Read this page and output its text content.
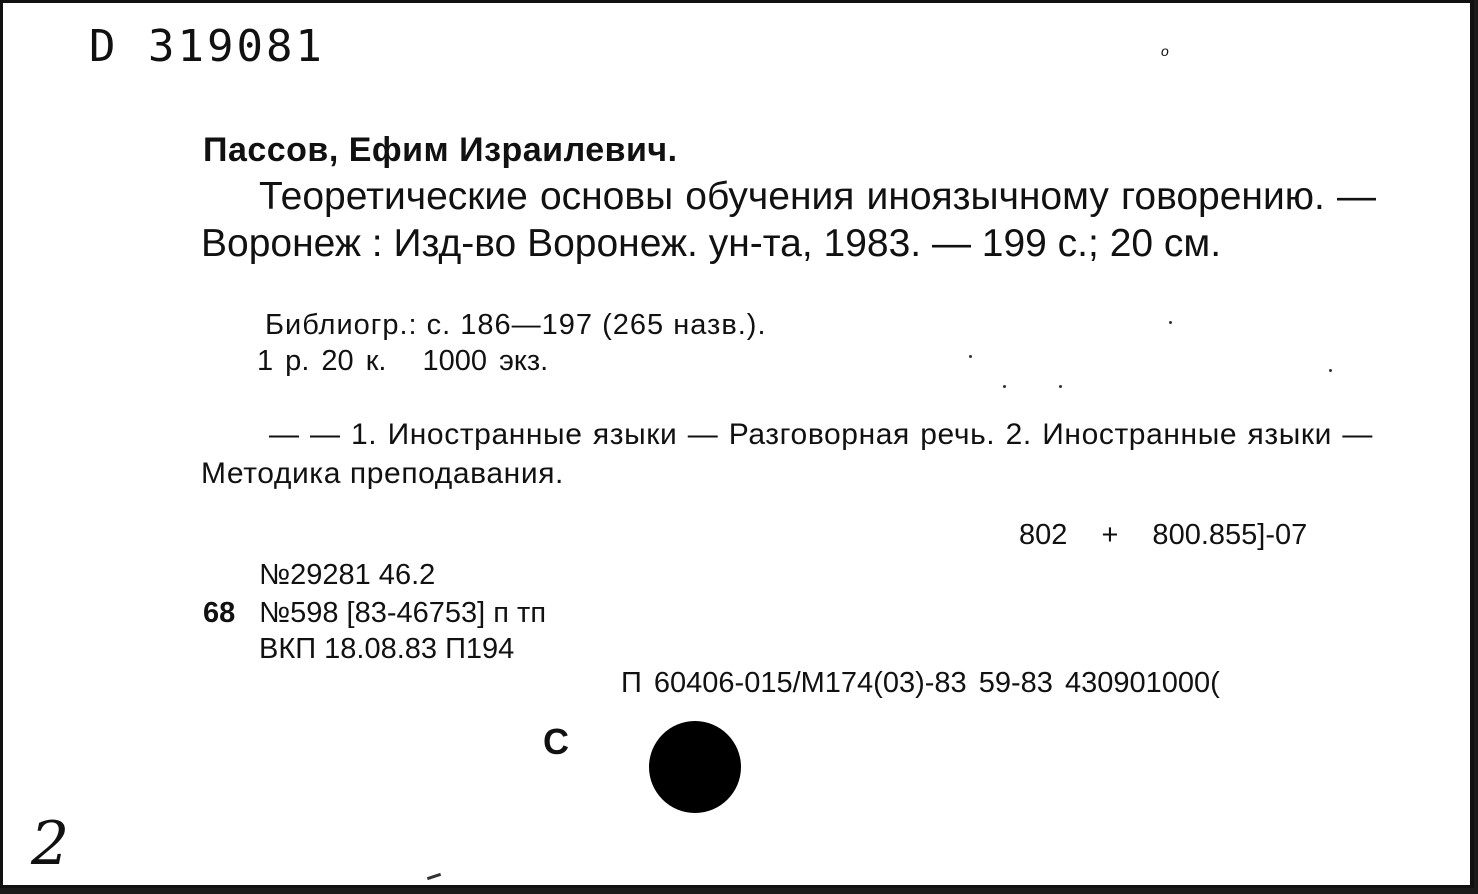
D 319081	о
Пассов, Ефим Израилевич.
Теоретические основы обучения иноязычному говорению. — Воронеж : Изд-во Воронеж. ун-та, 1983. — 199 с.; 20 см.
Библиогр.: с. 186—197 (265 назв.).
1 р. 20 к. 1000 экз.
— — 1. Иностранные языки — Разговорная речь. 2. Иностранные языки — Методика преподавания.
802 + 800.855]-07
№29281 46.2
68 №598 [83-46753] п тп
ВКП 18.08.83 П194
П 60406-015/М174(03)-83 59-83 430901000(
С
2
